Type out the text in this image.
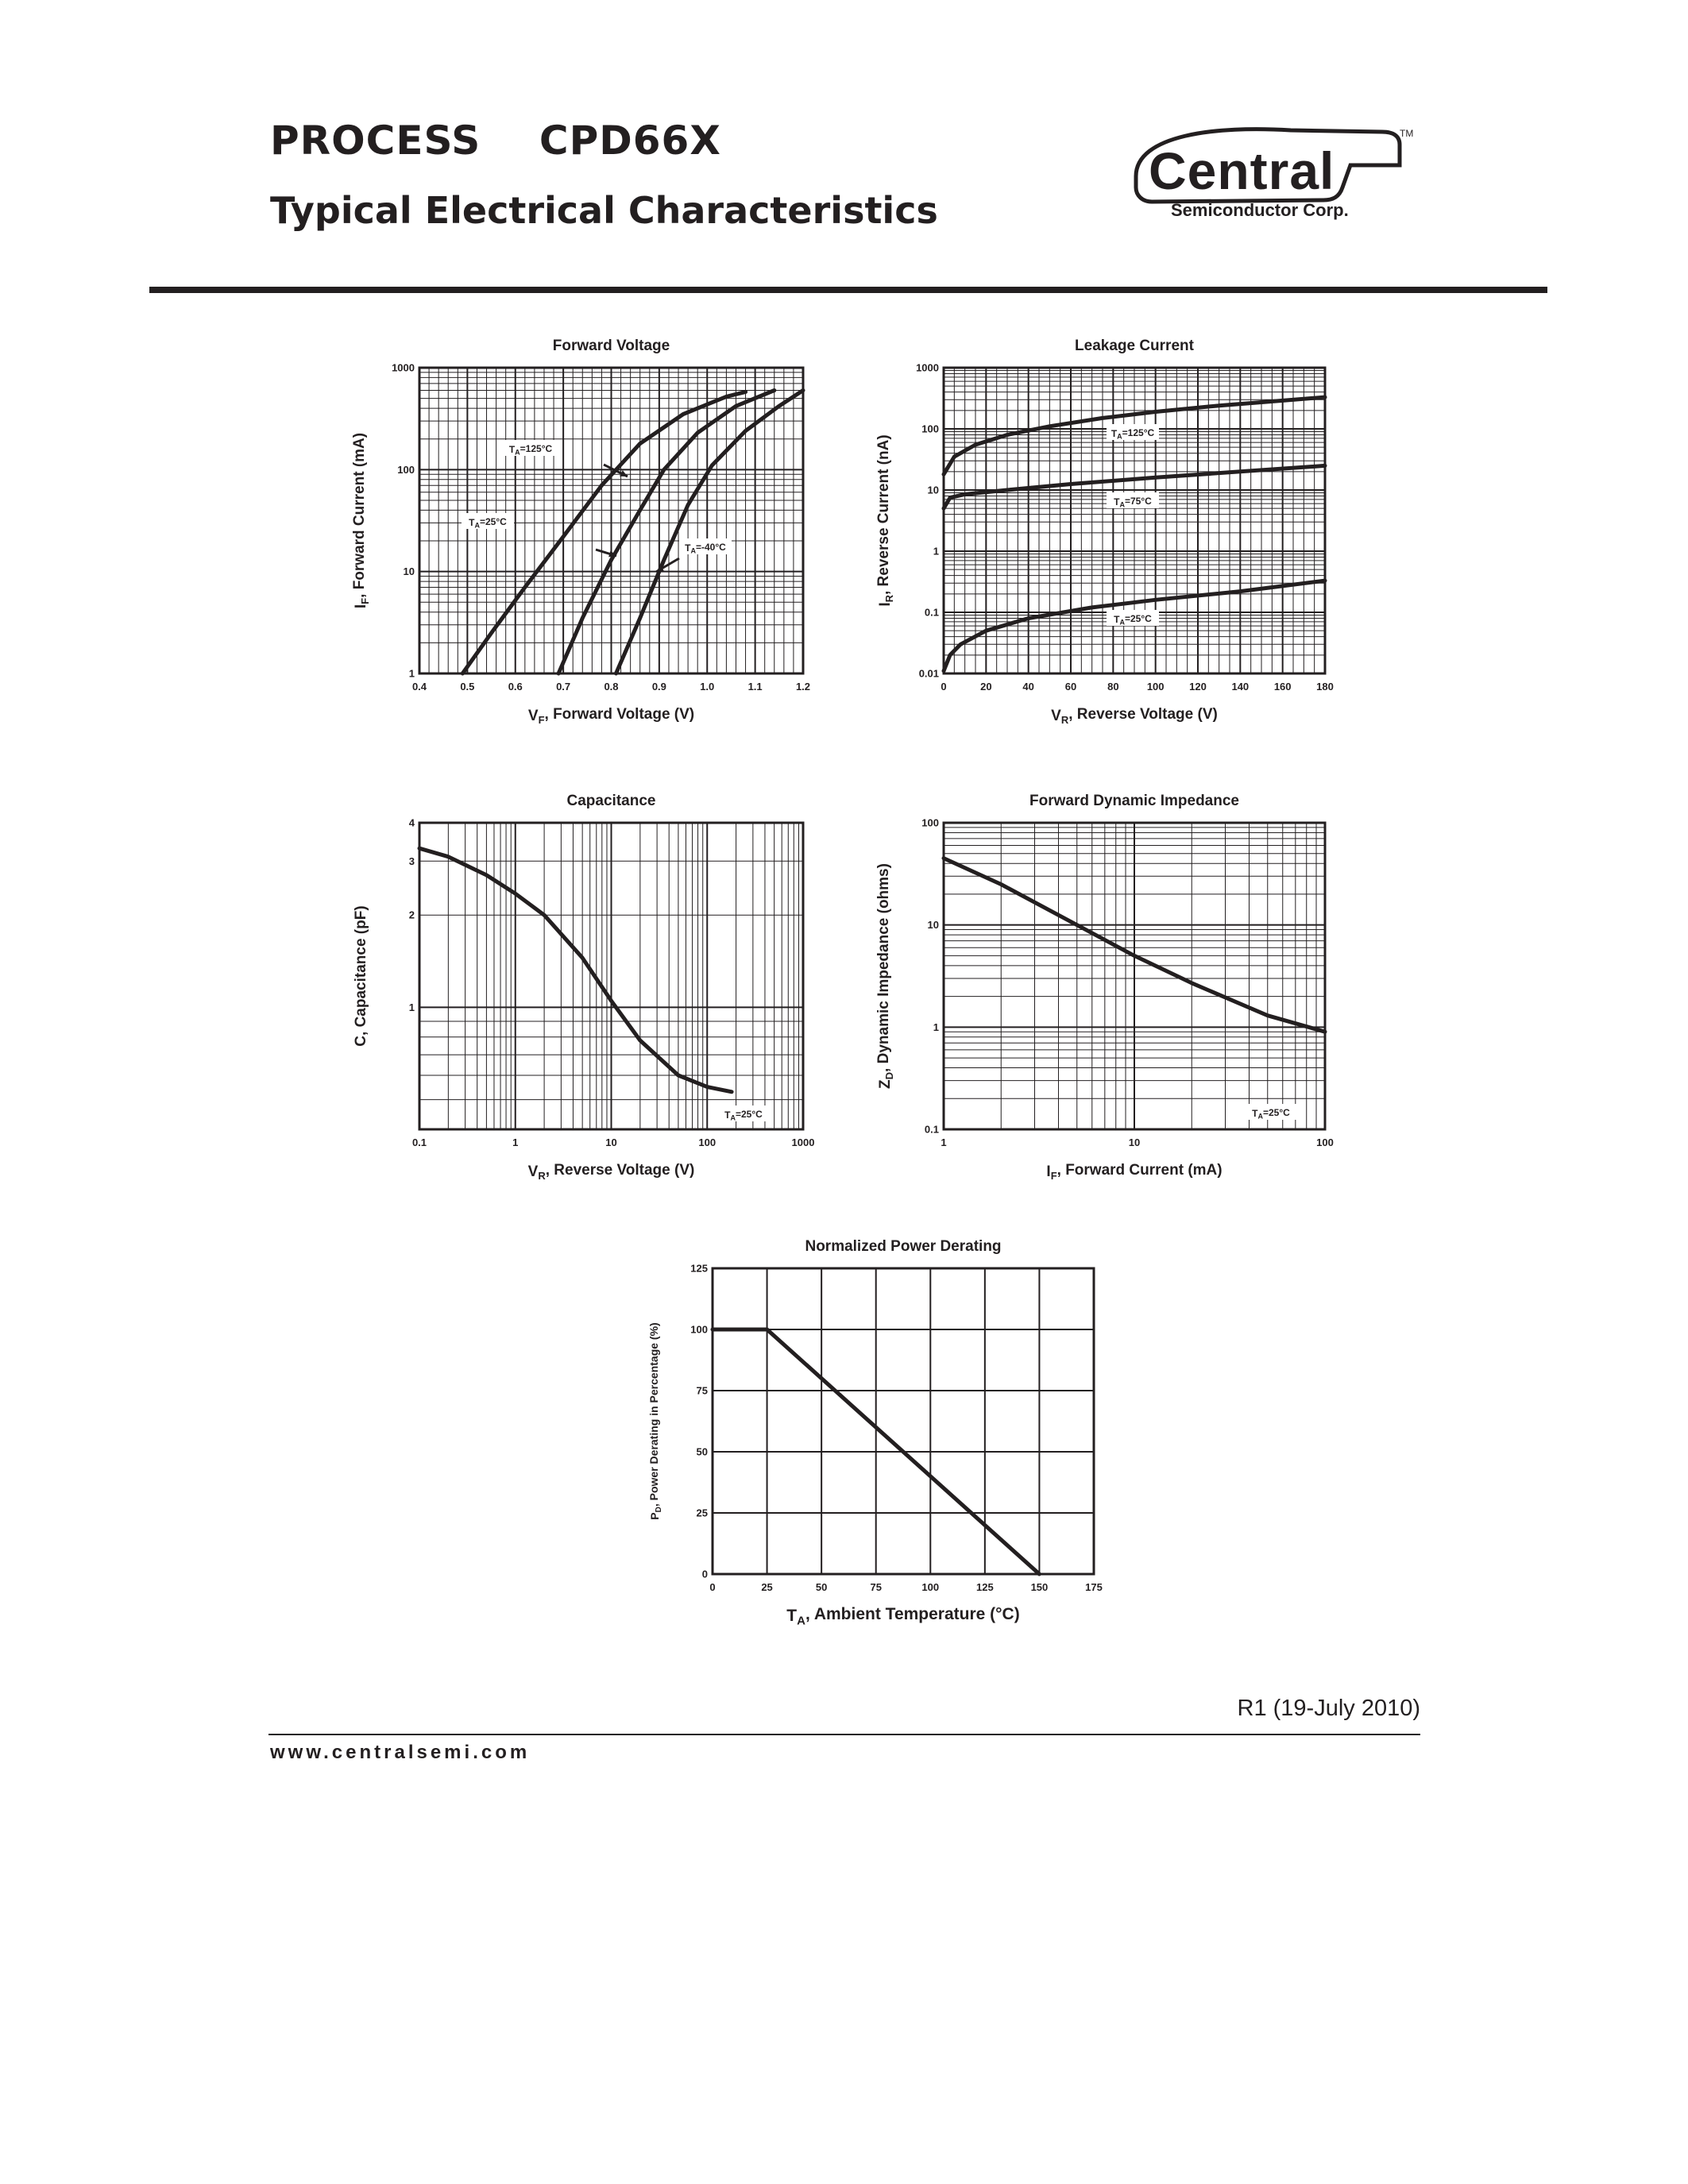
PROCESS CPD66X
Typical Electrical Characteristics
Central
TM
Semiconductor Corp.
0.4	0.5	0.6	0.7	0.8	0.9	1.0	1.1	1.2
1
10
100
1000
Forward Voltage
$V_F$, Forward Voltage (V)
$I_F$, Forward Current (mA)	$T_A=125^\circ C$
$T_A=25^\circ C$
$T_A=-40^\circ C$
0	20	40	60	80	100 120 140 160 180
0.01
0.1
1
10
100
1000
Leakage Current
$V_R$, Reverse Voltage (V)
$I_R$, Reverse Current (nA)
$T_A=125^\circ C$
$T_A=75^\circ C$
$T_A=25^\circ C$
0.1	1	10	100	1000
1
2
3
4
Capacitance
$V_R$, Reverse Voltage (V)
C, Capacitance (pF)
$T_A=25^\circ C$
1	10	100
0.1
1
10
100
Forward Dynamic Impedance
$I_F$, Forward Current (mA)
$Z_D$, Dynamic Impedance (ohms)
$T_A=25^\circ C$
0	25	50	75	100	125	150	175
0
25
50
75
100
125
Normalized Power Derating
$T_A$, Ambient Temperature (°C)
$P_D$, Power Derating in Percentage (%)
R1 (19-July 2010)
www.centralsemi.com
